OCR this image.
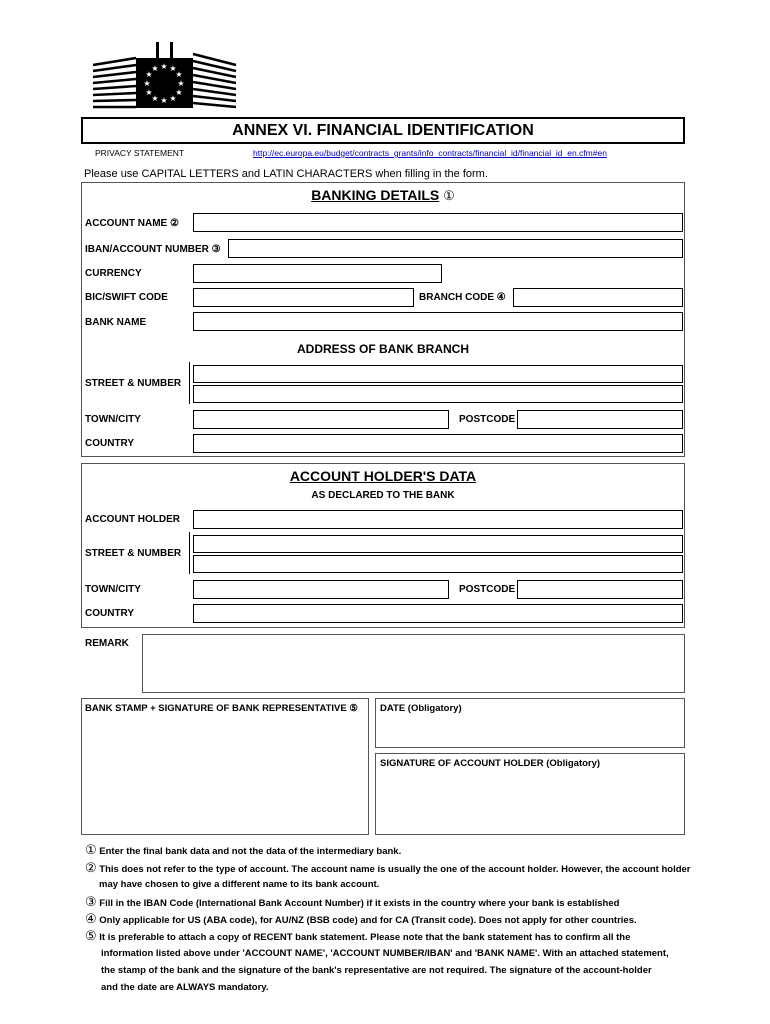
★ ★
★
★
★
★
★
★
★
★
★
★
ANNEX VI. FINANCIAL IDENTIFICATION
PRIVACY STATEMENT	http://ec.europa.eu/budget/contracts_grants/info_contracts/financial_id/financial_id_en.cfm#en
Please use CAPITAL LETTERS and LATIN CHARACTERS when filling in the form.
BANKING DETAILS ①
ACCOUNT NAME ②
IBAN/ACCOUNT NUMBER ③
CURRENCY
BIC/SWIFT CODE	BRANCH CODE ④
BANK NAME
ADDRESS OF BANK BRANCH
STREET & NUMBER
TOWN/CITY	POSTCODE
COUNTRY
ACCOUNT HOLDER'S DATA
AS DECLARED TO THE BANK
ACCOUNT HOLDER
STREET & NUMBER
TOWN/CITY	POSTCODE
COUNTRY
REMARK
BANK STAMP + SIGNATURE OF BANK REPRESENTATIVE ⑤ DATE (Obligatory)
SIGNATURE OF ACCOUNT HOLDER (Obligatory)
① Enter the final bank data and not the data of the intermediary bank.
② This does not refer to the type of account. The account name is usually the one of the account holder. However, the account holder
may have chosen to give a different name to its bank account.
③ Fill in the IBAN Code (International Bank Account Number) if it exists in the country where your bank is established
④ Only applicable for US (ABA code), for AU/NZ (BSB code) and for CA (Transit code). Does not apply for other countries.
⑤ It is preferable to attach a copy of RECENT bank statement. Please note that the bank statement has to confirm all the
information listed above under 'ACCOUNT NAME', 'ACCOUNT NUMBER/IBAN' and 'BANK NAME'. With an attached statement,
the stamp of the bank and the signature of the bank's representative are not required. The signature of the account-holder
and the date are ALWAYS mandatory.
